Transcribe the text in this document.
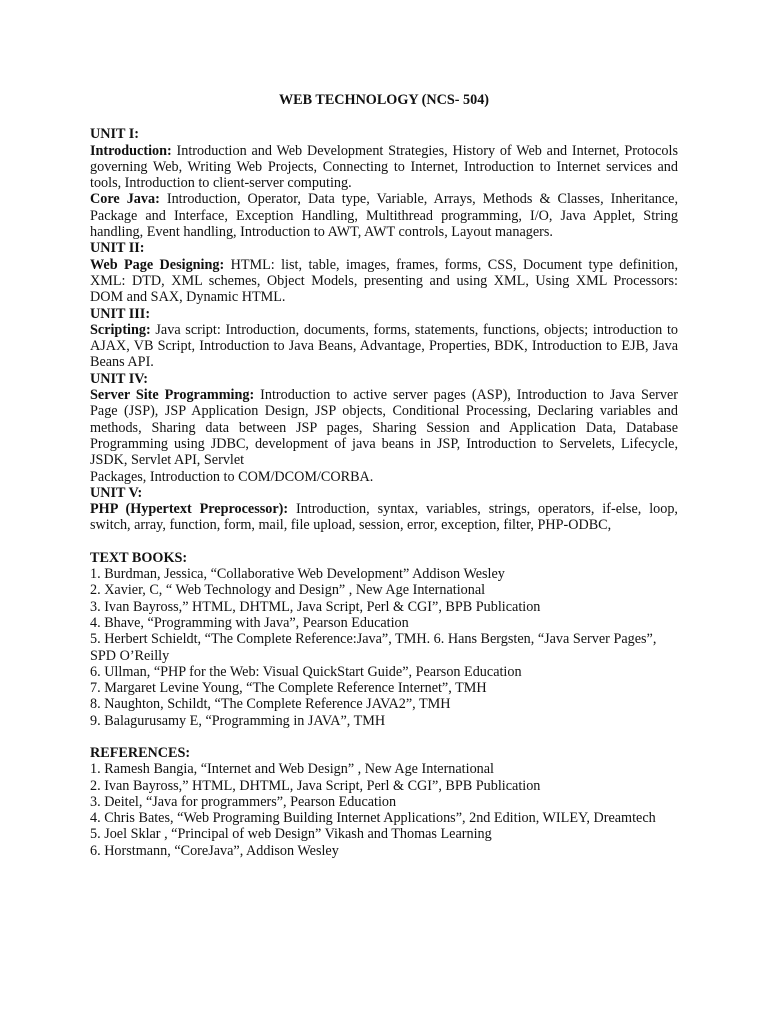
WEB TECHNOLOGY (NCS- 504)
UNIT I:

Introduction: Introduction and Web Development Strategies, History of Web and Internet, Protocols governing Web, Writing Web Projects, Connecting to Internet, Introduction to Internet services and tools, Introduction to client-server computing.

Core Java: Introduction, Operator, Data type, Variable, Arrays, Methods & Classes, Inheritance, Package and Interface, Exception Handling, Multithread programming, I/O, Java Applet, String handling, Event handling, Introduction to AWT, AWT controls, Layout managers.

UNIT II:

Web Page Designing: HTML: list, table, images, frames, forms, CSS, Document type definition, XML: DTD, XML schemes, Object Models, presenting and using XML, Using XML Processors: DOM and SAX, Dynamic HTML.

UNIT III:

Scripting: Java script: Introduction, documents, forms, statements, functions, objects; introduction to AJAX, VB Script, Introduction to Java Beans, Advantage, Properties, BDK, Introduction to EJB, Java Beans API.

UNIT IV:

Server Site Programming: Introduction to active server pages (ASP), Introduction to Java Server Page (JSP), JSP Application Design, JSP objects, Conditional Processing, Declaring variables and methods, Sharing data between JSP pages, Sharing Session and Application Data, Database Programming using JDBC, development of java beans in JSP, Introduction to Servelets, Lifecycle, JSDK, Servlet API, Servlet

Packages, Introduction to COM/DCOM/CORBA.

UNIT V:

PHP (Hypertext Preprocessor): Introduction, syntax, variables, strings, operators, if-else, loop, switch, array, function, form, mail, file upload, session, error, exception, filter, PHP-ODBC,

TEXT BOOKS:
1. Burdman, Jessica, “Collaborative Web Development” Addison Wesley
2. Xavier, C, “ Web Technology and Design” , New Age International
3. Ivan Bayross,” HTML, DHTML, Java Script, Perl & CGI”, BPB Publication
4. Bhave, “Programming with Java”, Pearson Education
5. Herbert Schieldt, “The Complete Reference:Java”, TMH. 6. Hans Bergsten, “Java Server Pages”,
SPD O’Reilly
6. Ullman, “PHP for the Web: Visual QuickStart Guide”, Pearson Education
7. Margaret Levine Young, “The Complete Reference Internet”, TMH
8. Naughton, Schildt, “The Complete Reference JAVA2”, TMH
9. Balagurusamy E, “Programming in JAVA”, TMH
REFERENCES:
1. Ramesh Bangia, “Internet and Web Design” , New Age International
2. Ivan Bayross,” HTML, DHTML, Java Script, Perl & CGI”, BPB Publication
3. Deitel, “Java for programmers”, Pearson Education
4. Chris Bates, “Web Programing Building Internet Applications”, 2nd Edition, WILEY, Dreamtech
5. Joel Sklar , “Principal of web Design” Vikash and Thomas Learning
6. Horstmann, “CoreJava”, Addison Wesley
